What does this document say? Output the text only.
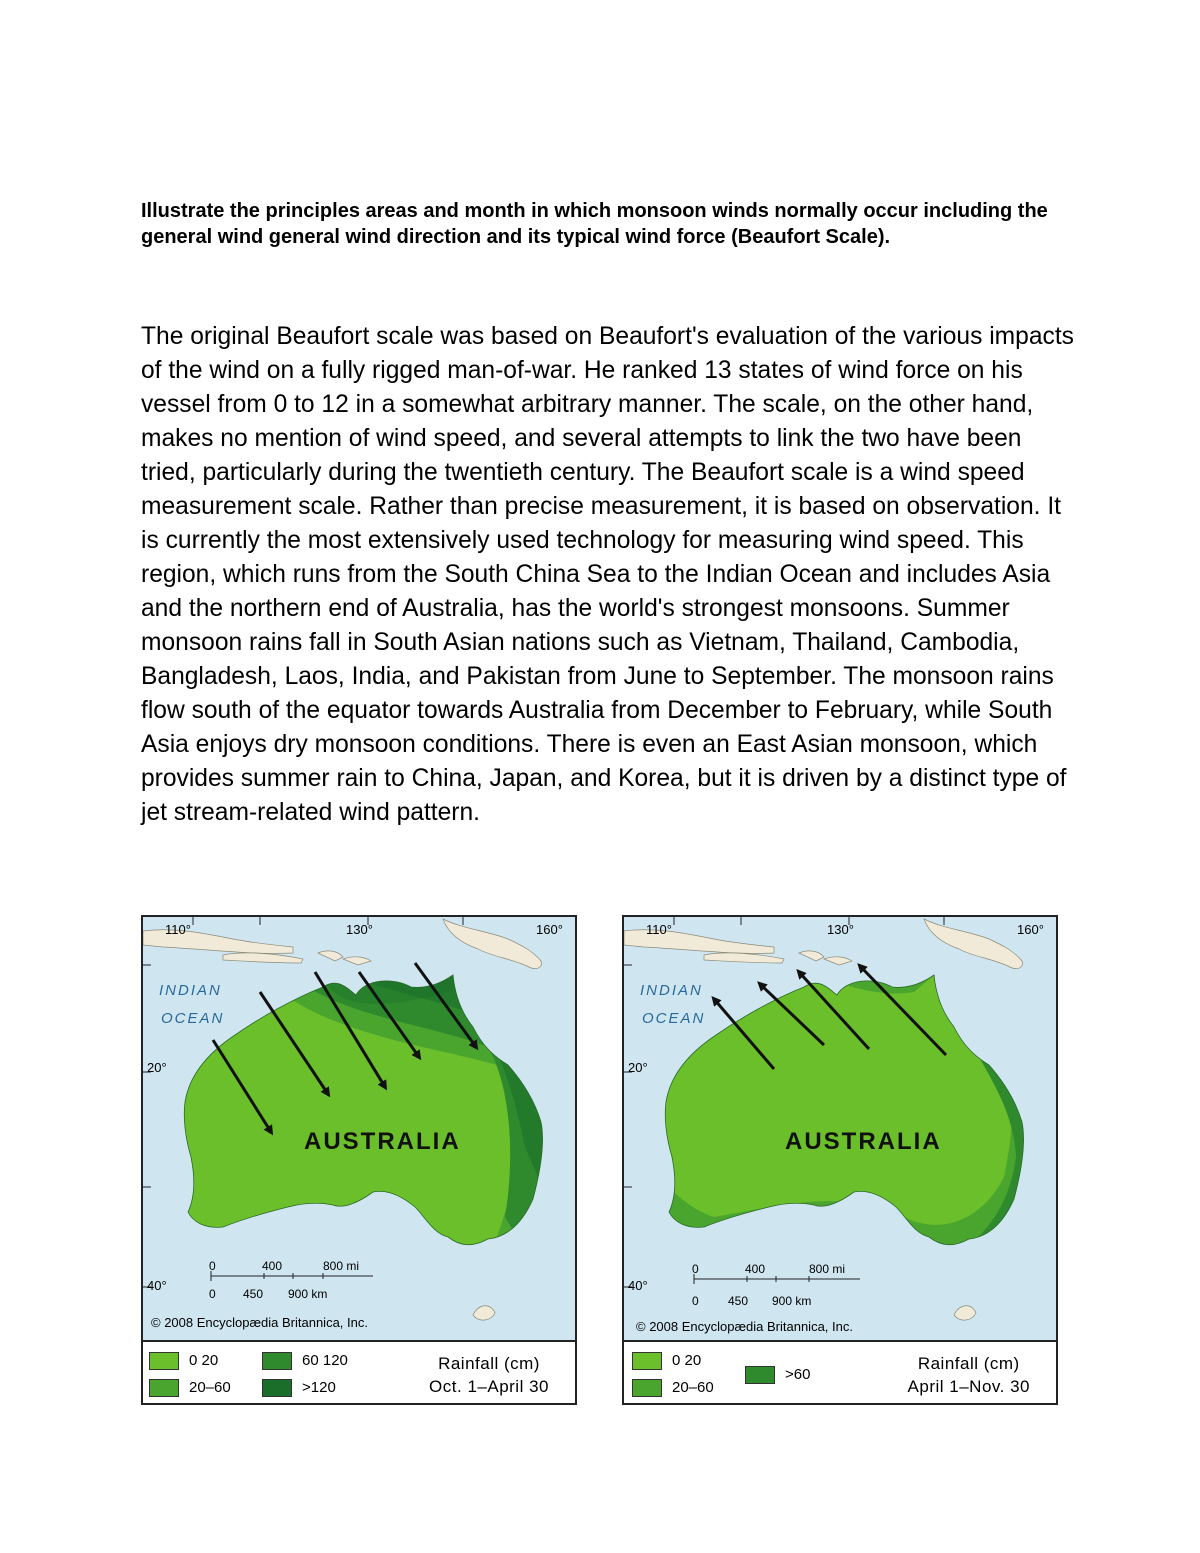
Illustrate the principles areas and month in which monsoon winds normally occur including the general wind general wind direction and its typical wind force (Beaufort Scale).

The original Beaufort scale was based on Beaufort's evaluation of the various impacts of the wind on a fully rigged man-of-war. He ranked 13 states of wind force on his vessel from 0 to 12 in a somewhat arbitrary manner. The scale, on the other hand, makes no mention of wind speed, and several attempts to link the two have been tried, particularly during the twentieth century. The Beaufort scale is a wind speed measurement scale. Rather than precise measurement, it is based on observation. It is currently the most extensively used technology for measuring wind speed. This region, which runs from the South China Sea to the Indian Ocean and includes Asia and the northern end of Australia, has the world's strongest monsoons. Summer monsoon rains fall in South Asian nations such as Vietnam, Thailand, Cambodia, Bangladesh, Laos, India, and Pakistan from June to September. The monsoon rains flow south of the equator towards Australia from December to February, while South Asia enjoys dry monsoon conditions. There is even an East Asian monsoon, which provides summer rain to China, Japan, and Korea, but it is driven by a distinct type of jet stream-related wind pattern.

110°	130°	160°
20°
40°
INDIAN
OCEAN
AUSTRALIA
0	400	800 mi
0 450 900 km
© 2008 Encyclopædia Britannica, Inc.
0 20
20–60
60 120
>120
Rainfall (cm)
Oct. 1–April 30
110°	130°	160°
20°
40°
INDIAN
OCEAN
AUSTRALIA
0	400	800 mi
0 450 900 km
© 2008 Encyclopædia Britannica, Inc.
0 20
20–60
>60
Rainfall (cm)
April 1–Nov. 30
